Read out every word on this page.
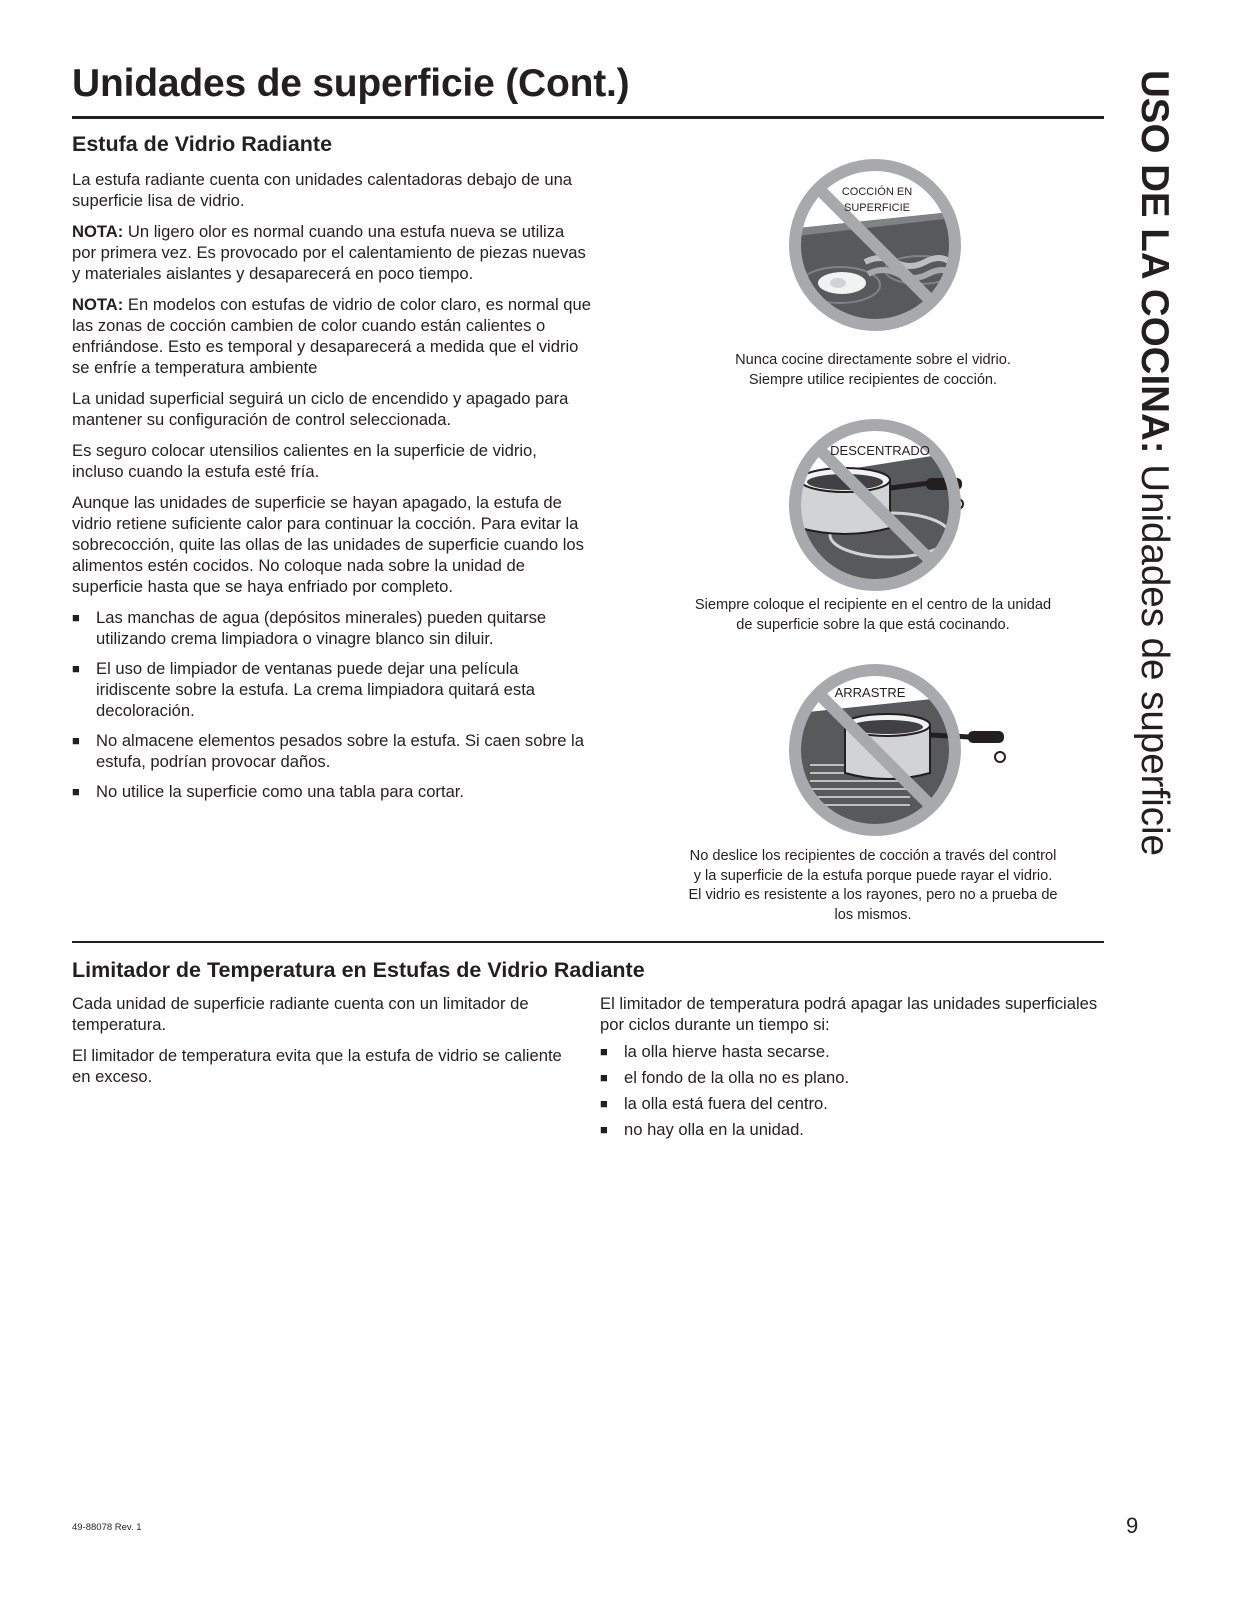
Unidades de superficie (Cont.)	USO DE LA COCINA: Unidades de superficie
Estufa de Vidrio Radiante

La estufa radiante cuenta con unidades calentadoras debajo de una superficie lisa de vidrio.

NOTA: Un ligero olor es normal cuando una estufa nueva se utiliza por primera vez. Es provocado por el calentamiento de piezas nuevas y materiales aislantes y desaparecerá en poco tiempo.

NOTA: En modelos con estufas de vidrio de color claro, es normal que las zonas de cocción cambien de color cuando están calientes o enfriándose. Esto es temporal y desaparecerá a medida que el vidrio se enfríe a temperatura ambiente

La unidad superficial seguirá un ciclo de encendido y apagado para mantener su configuración de control seleccionada.

Es seguro colocar utensilios calientes en la superficie de vidrio, incluso cuando la estufa esté fría.

Aunque las unidades de superficie se hayan apagado, la estufa de vidrio retiene suficiente calor para continuar la cocción. Para evitar la sobrecocción, quite las ollas de las unidades de superficie cuando los alimentos estén cocidos. No coloque nada sobre la unidad de superficie hasta que se haya enfriado por completo.

■ Las manchas de agua (depósitos minerales) pueden quitarse utilizando crema limpiadora o vinagre blanco sin diluir.
■ El uso de limpiador de ventanas puede dejar una película iridiscente sobre la estufa. La crema limpiadora quitará esta decoloración.
■ No almacene elementos pesados sobre la estufa. Si caen sobre la estufa, podrían provocar daños.
■ No utilice la superficie como una tabla para cortar.
COCCIÓN EN
SUPERFICIE
Nunca cocine directamente sobre el vidrio. Siempre utilice recipientes de cocción.
DESCENTRADO
Siempre coloque el recipiente en el centro de la unidad de superficie sobre la que está cocinando.
ARRASTRE
No deslice los recipientes de cocción a través del control y la superficie de la estufa porque puede rayar el vidrio. El vidrio es resistente a los rayones, pero no a prueba de los mismos.
Limitador de Temperatura en Estufas de Vidrio Radiante

Cada unidad de superficie radiante cuenta con un limitador de temperatura.

El limitador de temperatura evita que la estufa de vidrio se caliente en exceso.

El limitador de temperatura podrá apagar las unidades superficiales por ciclos durante un tiempo si:

■ la olla hierve hasta secarse.
■ el fondo de la olla no es plano.
■ la olla está fuera del centro.
■ no hay olla en la unidad.
49-88078 Rev. 1	9
